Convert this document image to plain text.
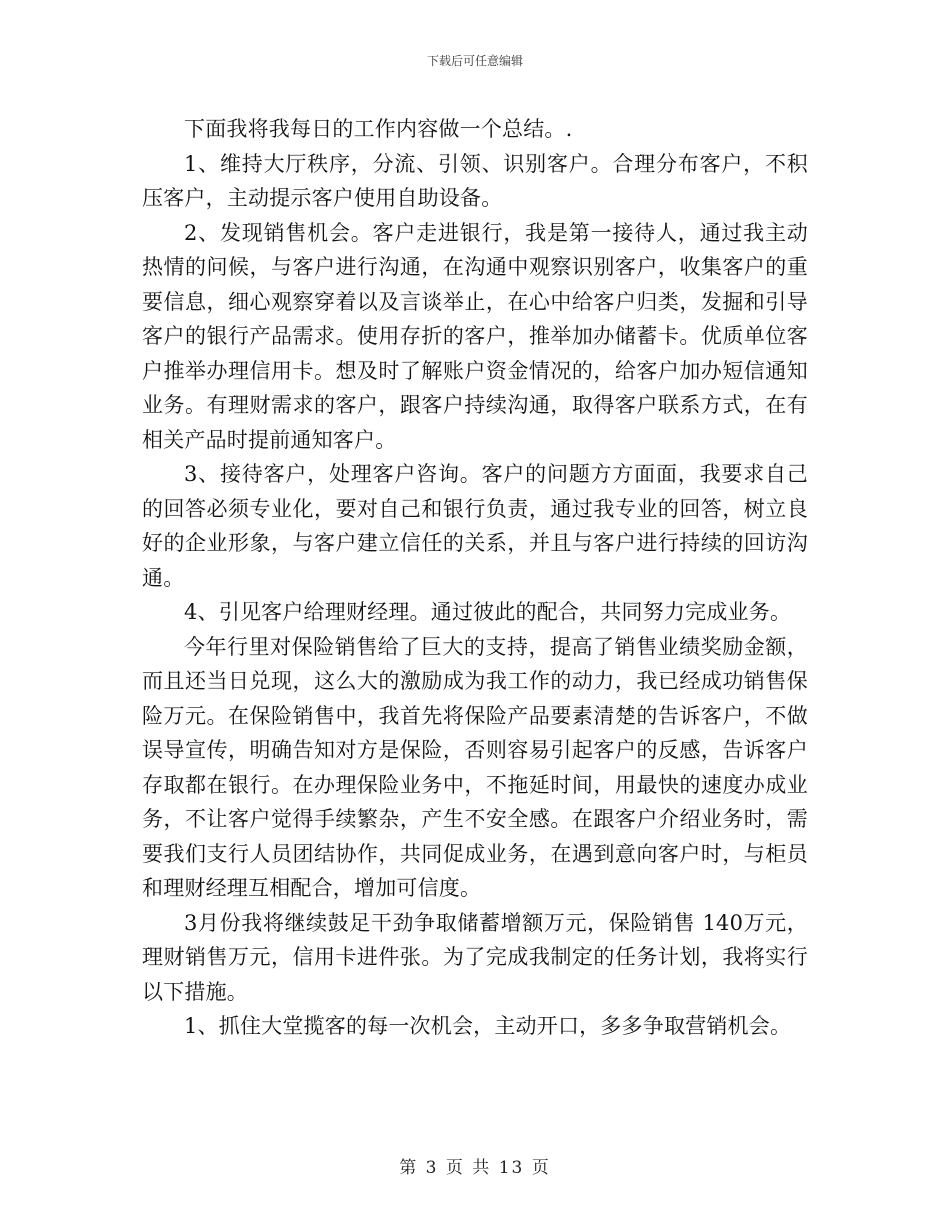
下载后可任意编辑

下面我将我每日的工作内容做一个总结。.

1、维持大厅秩序，分流、引领、识别客户。合理分布客户，不积压客户，主动提示客户使用自助设备。

2、发现销售机会。客户走进银行，我是第一接待人，通过我主动热情的问候，与客户进行沟通，在沟通中观察识别客户，收集客户的重要信息，细心观察穿着以及言谈举止，在心中给客户归类，发掘和引导客户的银行产品需求。使用存折的客户，推举加办储蓄卡。优质单位客户推举办理信用卡。想及时了解账户资金情况的，给客户加办短信通知业务。有理财需求的客户，跟客户持续沟通，取得客户联系方式，在有相关产品时提前通知客户。

3、接待客户，处理客户咨询。客户的问题方方面面，我要求自己的回答必须专业化，要对自己和银行负责，通过我专业的回答，树立良好的企业形象，与客户建立信任的关系，并且与客户进行持续的回访沟通。

4、引见客户给理财经理。通过彼此的配合，共同努力完成业务。

今年行里对保险销售给了巨大的支持，提高了销售业绩奖励金额，而且还当日兑现，这么大的激励成为我工作的动力，我已经成功销售保险万元。在保险销售中，我首先将保险产品要素清楚的告诉客户，不做误导宣传，明确告知对方是保险，否则容易引起客户的反感，告诉客户存取都在银行。在办理保险业务中，不拖延时间，用最快的速度办成业务，不让客户觉得手续繁杂，产生不安全感。在跟客户介绍业务时，需要我们支行人员团结协作，共同促成业务，在遇到意向客户时，与柜员和理财经理互相配合，增加可信度。

3月份我将继续鼓足干劲争取储蓄增额万元，保险销售 140万元，理财销售万元，信用卡进件张。为了完成我制定的任务计划，我将实行以下措施。

1、抓住大堂揽客的每一次机会，主动开口，多多争取营销机会。

第 3 页 共 13 页
